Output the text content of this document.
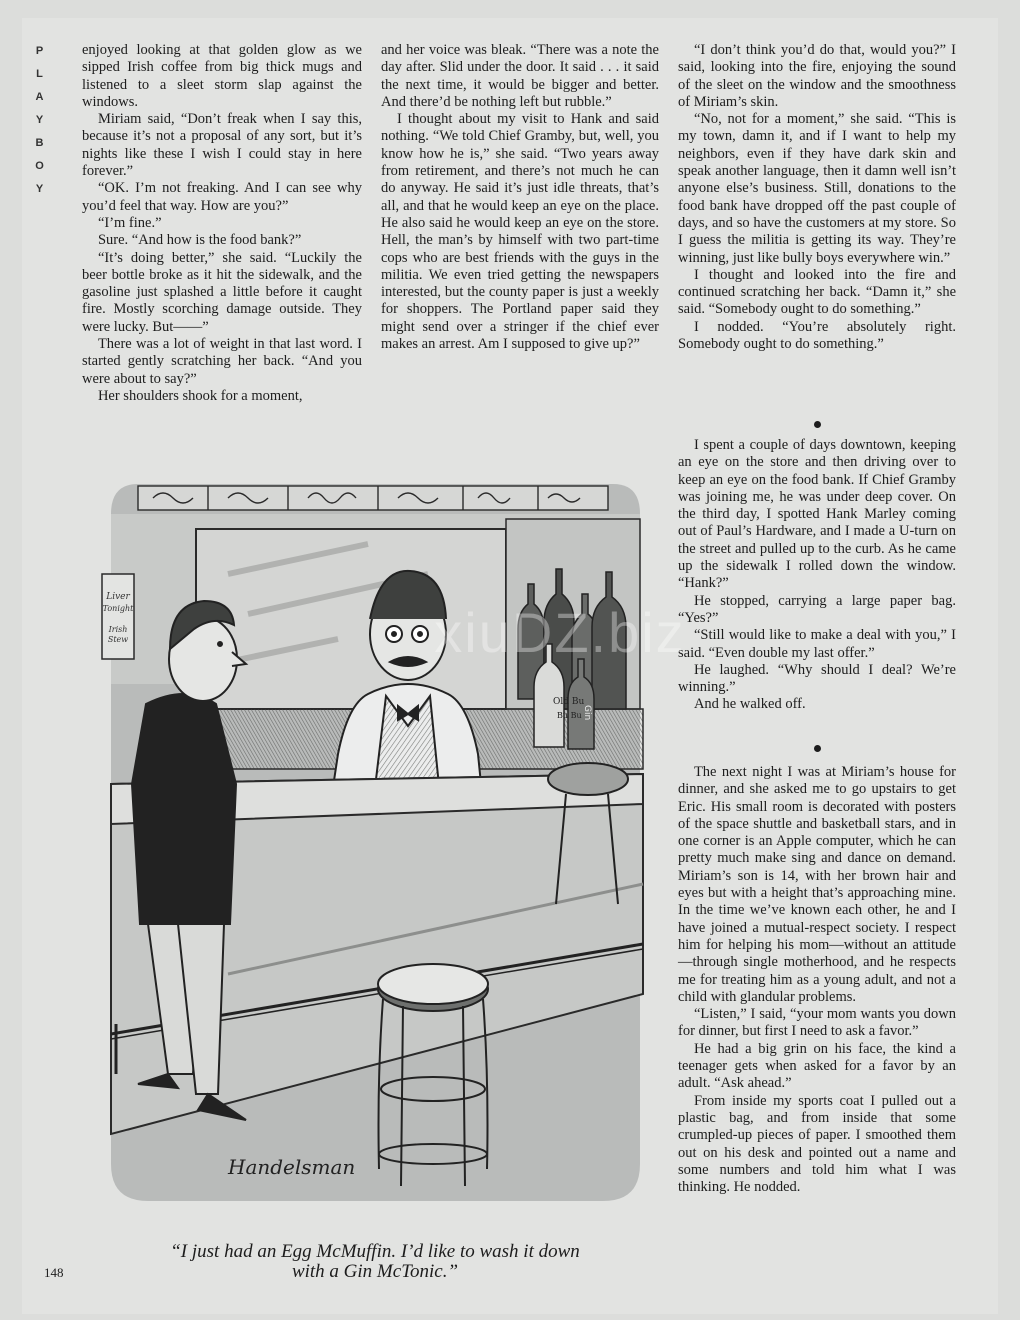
P
L
A
Y
B
O
Y

enjoyed looking at that golden glow as we sipped Irish coffee from big thick mugs and listened to a sleet storm slap against the windows.

Miriam said, “Don’t freak when I say this, because it’s not a proposal of any sort, but it’s nights like these I wish I could stay in here forever.”

“OK. I’m not freaking. And I can see why you’d feel that way. How are you?”

“I’m fine.”

Sure. “And how is the food bank?”

“It’s doing better,” she said. “Luckily the beer bottle broke as it hit the sidewalk, and the gasoline just splashed a little before it caught fire. Mostly scorching damage outside. They were lucky. But——”

There was a lot of weight in that last word. I started gently scratching her back. “And you were about to say?”

Her shoulders shook for a moment,

and her voice was bleak. “There was a note the day after. Slid under the door. It said . . . it said the next time, it would be bigger and better. And there’d be nothing left but rubble.”

I thought about my visit to Hank and said nothing. “We told Chief Gramby, but, well, you know how he is,” she said. “Two years away from retirement, and there’s not much he can do anyway. He said it’s just idle threats, that’s all, and that he would keep an eye on the place. He also said he would keep an eye on the store. Hell, the man’s by himself with two part-time cops who are best friends with the guys in the militia. We even tried getting the newspapers interested, but the county paper is just a weekly for shoppers. The Portland paper said they might send over a stringer if the chief ever makes an arrest. Am I supposed to give up?”

“I don’t think you’d do that, would you?” I said, looking into the fire, enjoying the sound of the sleet on the window and the smoothness of Miriam’s skin.

“No, not for a moment,” she said. “This is my town, damn it, and if I want to help my neighbors, even if they have dark skin and speak another language, then it damn well isn’t anyone else’s business. Still, donations to the food bank have dropped off the past couple of days, and so have the customers at my store. So I guess the militia is getting its way. They’re winning, just like bully boys everywhere win.”

I thought and looked into the fire and continued scratching her back. “Damn it,” she said. “Somebody ought to do something.”

I nodded. “You’re absolutely right. Somebody ought to do something.”

I spent a couple of days downtown, keeping an eye on the store and then driving over to keep an eye on the food bank. If Chief Gramby was joining me, he was under deep cover. On the third day, I spotted Hank Marley coming out of Paul’s Hardware, and I made a U-turn on the street and pulled up to the curb. As he came up the sidewalk I rolled down the window. “Hank?”

He stopped, carrying a large paper bag. “Yes?”

“Still would like to make a deal with you,” I said. “Even double my last offer.”

He laughed. “Why should I deal? We’re winning.”

And he walked off.

The next night I was at Miriam’s house for dinner, and she asked me to go upstairs to get Eric. His small room is decorated with posters of the space shuttle and basketball stars, and in one corner is an Apple computer, which he can pretty much make sing and dance on demand. Miriam’s son is 14, with her brown hair and eyes but with a height that’s approaching mine. In the time we’ve known each other, he and I have joined a mutual-respect society. I respect him for helping his mom—without an attitude—through single motherhood, and he respects me for treating him as a young adult, and not a child with glandular problems.

“Listen,” I said, “your mom wants you down for dinner, but first I need to ask a favor.”

He had a big grin on his face, the kind a teenager gets when asked for a favor by an adult. “Ask ahead.”

From inside my sports coat I pulled out a plastic bag, and from inside that some crumpled-up pieces of paper. I smoothed them out on his desk and pointed out a name and some numbers and told him what I was thinking. He nodded.

Liver
Tonight
Irish
Stew
Old Bu
Bu Bu Gin
Handelsman
“I just had an Egg McMuffin. I’d like to wash it down
with a Gin McTonic.”
xiuDZ.biz
148
